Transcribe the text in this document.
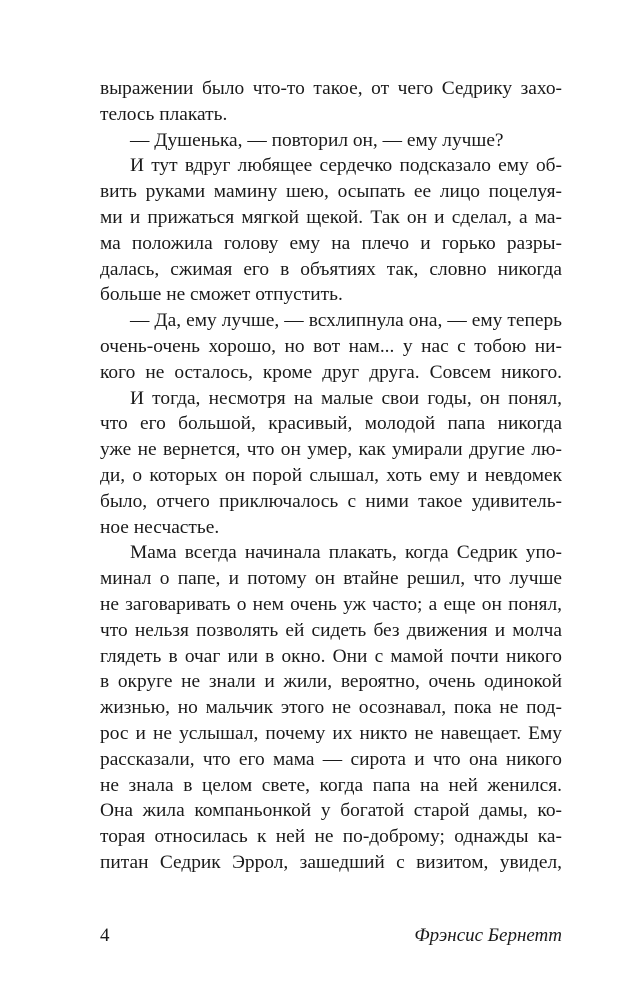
выражении было что-то такое, от чего Седрику захо-
телось плакать.
— Душенька, — повторил он, — ему лучше?
И тут вдруг любящее сердечко подсказало ему об-
вить руками мамину шею, осыпать ее лицо поцелуя-
ми и прижаться мягкой щекой. Так он и сделал, а ма-
ма положила голову ему на плечо и горько разры-
далась, сжимая его в объятиях так, словно никогда
больше не сможет отпустить.
— Да, ему лучше, — всхлипнула она, — ему теперь
очень-очень хорошо, но вот нам... у нас с тобою ни-
кого не осталось, кроме друг друга. Совсем никого.
И тогда, несмотря на малые свои годы, он понял,
что его большой, красивый, молодой папа никогда
уже не вернется, что он умер, как умирали другие лю-
ди, о которых он порой слышал, хоть ему и невдомек
было, отчего приключалось с ними такое удивитель-
ное несчастье.
Мама всегда начинала плакать, когда Седрик упо-
минал о папе, и потому он втайне решил, что лучше
не заговаривать о нем очень уж часто; а еще он понял,
что нельзя позволять ей сидеть без движения и молча
глядеть в очаг или в окно. Они с мамой почти никого
в округе не знали и жили, вероятно, очень одинокой
жизнью, но мальчик этого не осознавал, пока не под-
рос и не услышал, почему их никто не навещает. Ему
рассказали, что его мама — сирота и что она никого
не знала в целом свете, когда папа на ней женился.
Она жила компаньонкой у богатой старой дамы, ко-
торая относилась к ней не по-доброму; однажды ка-
питан Седрик Эррол, зашедший с визитом, увидел,
4	Фрэнсис Бернетт
